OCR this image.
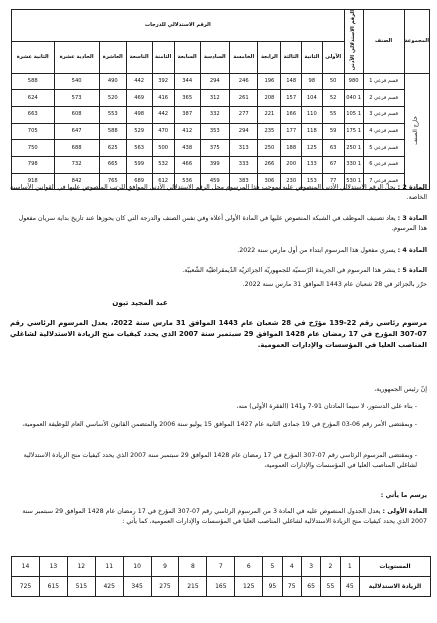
المجموعة	الصنف	الرقم الاستدلالي الأدنى	الرقم الاستدلالي للدرجات											
			الأولى	الثانية	الثالثة	الرابعة	الخامسة	السادسة	السابعة	الثامنة	التاسعة	العاشرة	الحادية عشرة	الثانية عشرة
خارج الصنف	قسم فرعي 1	980	50	98	148	196	246	294	344	392	442	490	540	588
	قسم فرعي 2	1 040	52	104	157	208	261	312	365	416	469	520	573	624
	قسم فرعي 3	1 105	55	110	166	221	277	332	387	442	498	553	608	663
	قسم فرعي 4	1 175	59	118	177	235	294	353	412	470	529	588	647	705
	قسم فرعي 5	1 250	63	125	188	250	313	375	438	500	563	625	688	750
	قسم فرعي 6	1 330	67	133	200	266	333	399	466	532	599	665	732	798
	قسم فرعي 7	1 530	77	153	230	306	383	459	536	612	689	765	842	918
المادة 2 : يحلّ الرقم الاستدلالي الأدنى المنصوص عليه بموجب هذا المرسوم محل الرقم الاستدلالي الأدنى الموافق للرتب المنصوص عليها في القوانين الأساسية الخاصة.
المادة 3 : يعاد تصنيف الموظف في الشبكة المنصوص عليها في المادة الأولى أعلاه وفي نفس الصنف والدرجة التي كان يحوزها عند تاريخ بداية سريان مفعول هذا المرسوم.
المادة 4 : يسري مفعول هذا المرسوم ابتداء من أول مارس سنة 2022.
المادة 5 : ينشر هذا المرسوم في الجريدة الرّسميّة للجمهوريّة الجزائريّة الدّيمقراطيّة الشّعبيّة.
حرّر بالجزائر في 28 شعبان عام 1443 الموافق 31 مارس سنة 2022.
عبد المجيد تبون
مرسوم رئاسي رقم 22-139 مؤرّخ في 28 شعبان عام 1443 الموافق 31 مارس سنة 2022، يعدل المرسوم الرئاسي رقم 07-307 المؤرخ في 17 رمضان عام 1428 الموافق 29 سبتمبر سنة 2007 الذي يحدد كيفيات منح الزيادة الاستدلالية لشاغلي المناصب العليا في المؤسسات والإدارات العمومية.
إنّ رئيس الجمهورية،
- بناء على الدستور، لا سيما المادتان 91-7 و141 (الفقرة الأولى) منه،
- وبمقتضى الأمر رقم 06-03 المؤرخ في 19 جمادى الثانية عام 1427 الموافق 15 يوليو سنة 2006 والمتضمن القانون الأساسي العام للوظيفة العمومية،
- وبمقتضى المرسوم الرئاسي رقم 07-307 المؤرخ في 17 رمضان عام 1428 الموافق 29 سبتمبر سنة 2007 الذي يحدد كيفيات منح الزيادة الاستدلالية لشاغلي المناصب العليا في المؤسسات والإدارات العمومية،
يرسم ما يأتي :
المادة الأولى : يعدل الجدول المنصوص عليه في المادة 3 من المرسوم الرئاسي رقم 07-307 المؤرخ في 17 رمضان عام 1428 الموافق 29 سبتمبر سنة 2007 الذي يحدد كيفيات منح الزيادة الاستدلالية لشاغلي المناصب العليا في المؤسسات والإدارات العمومية، كما يأتي :
المستويات	1	2	3	4	5	6	7	8	9	10	11	12	13	14
الزيادة الاستدلالية	45	55	65	75	95	125	165	215	275	345	425	515	615	725
